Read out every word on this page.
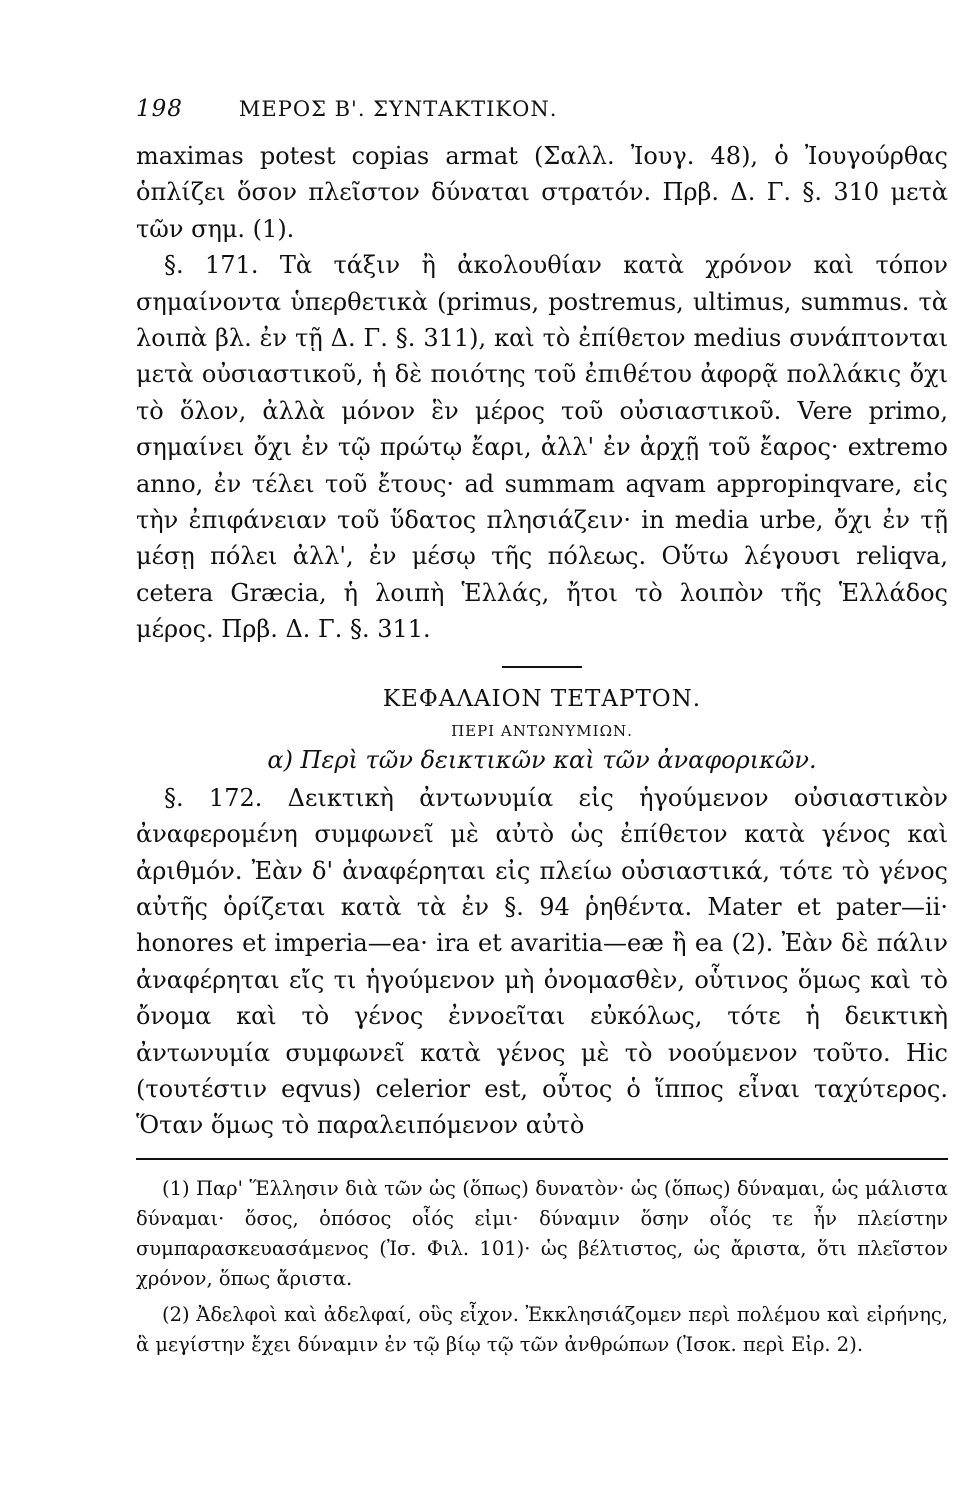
198	ΜΕΡΟΣ Β'. ΣΥΝΤΑΚΤΙΚΟΝ.

maximas potest copias armat (Σαλλ. Ἰουγ. 48), ὁ Ἰουγούρθας ὁπλίζει ὅσον πλεῖστον δύναται στρατόν. Πρβ. Δ. Γ. §. 310 μετὰ τῶν σημ. (1).

§. 171. Τὰ τάξιν ἢ ἀκολουθίαν κατὰ χρόνον καὶ τόπον σημαίνοντα ὑπερθετικὰ (primus, postremus, ultimus, summus. τὰ λοιπὰ βλ. ἐν τῇ Δ. Γ. §. 311), καὶ τὸ ἐπίθετον medius συνάπτονται μετὰ οὐσιαστικοῦ, ἡ δὲ ποιότης τοῦ ἐπιθέτου ἀφορᾷ πολλάκις ὄχι τὸ ὅλον, ἀλλὰ μόνον ἓν μέρος τοῦ οὐσιαστικοῦ. Vere primo, σημαίνει ὄχι ἐν τῷ πρώτῳ ἔαρι, ἀλλ' ἐν ἀρχῇ τοῦ ἔαρος· extremo anno, ἐν τέλει τοῦ ἔτους· ad summam aqvam appropinqvare, εἰς τὴν ἐπιφάνειαν τοῦ ὕδατος πλησιάζειν· in media urbe, ὄχι ἐν τῇ μέσῃ πόλει ἀλλ', ἐν μέσῳ τῆς πόλεως. Οὕτω λέγουσι reliqva, cetera Græcia, ἡ λοιπὴ Ἑλλάς, ἤτοι τὸ λοιπὸν τῆς Ἑλλάδος μέρος. Πρβ. Δ. Γ. §. 311.

ΚΕΦΑΛΑΙΟΝ ΤΕΤΑΡΤΟΝ.
ΠΕΡΙ ΑΝΤΩΝΥΜΙΩΝ.
α) Περὶ τῶν δεικτικῶν καὶ τῶν ἀναφορικῶν.

§. 172. Δεικτικὴ ἀντωνυμία εἰς ἡγούμενον οὐσιαστικὸν ἀναφερομένη συμφωνεῖ μὲ αὐτὸ ὡς ἐπίθετον κατὰ γένος καὶ ἀριθμόν. Ἐὰν δ' ἀναφέρηται εἰς πλείω οὐσιαστικά, τότε τὸ γένος αὐτῆς ὁρίζεται κατὰ τὰ ἐν §. 94 ῥηθέντα. Mater et pater—ii· honores et imperia—ea· ira et avaritia—eæ ἢ ea (2). Ἐὰν δὲ πάλιν ἀναφέρηται εἴς τι ἡγούμενον μὴ ὀνομασθὲν, οὗτινος ὅμως καὶ τὸ ὄνομα καὶ τὸ γένος ἐννοεῖται εὐκόλως, τότε ἡ δεικτικὴ ἀντωνυμία συμφωνεῖ κατὰ γένος μὲ τὸ νοούμενον τοῦτο. Hic (τουτέστιν eqvus) celerior est, οὗτος ὁ ἵππος εἶναι ταχύτερος. Ὅταν ὅμως τὸ παραλειπόμενον αὐτὸ

(1) Παρ' Ἕλλησιν διὰ τῶν ὡς (ὅπως) δυνατὸν· ὡς (ὅπως) δύναμαι, ὡς μάλιστα δύναμαι· ὅσος, ὁπόσος οἷός εἰμι· δύναμιν ὅσην οἷός τε ἦν πλείστην συμπαρασκευασάμενος (Ἰσ. Φιλ. 101)· ὡς βέλτιστος, ὡς ἄριστα, ὅτι πλεῖστον χρόνον, ὅπως ἄριστα.

(2) Ἀδελφοὶ καὶ ἀδελφαί, οὓς εἶχον. Ἐκκλησιάζομεν περὶ πολέμου καὶ εἰρήνης, ἃ μεγίστην ἔχει δύναμιν ἐν τῷ βίῳ τῷ τῶν ἀνθρώπων (Ἰσοκ. περὶ Εἰρ. 2).
